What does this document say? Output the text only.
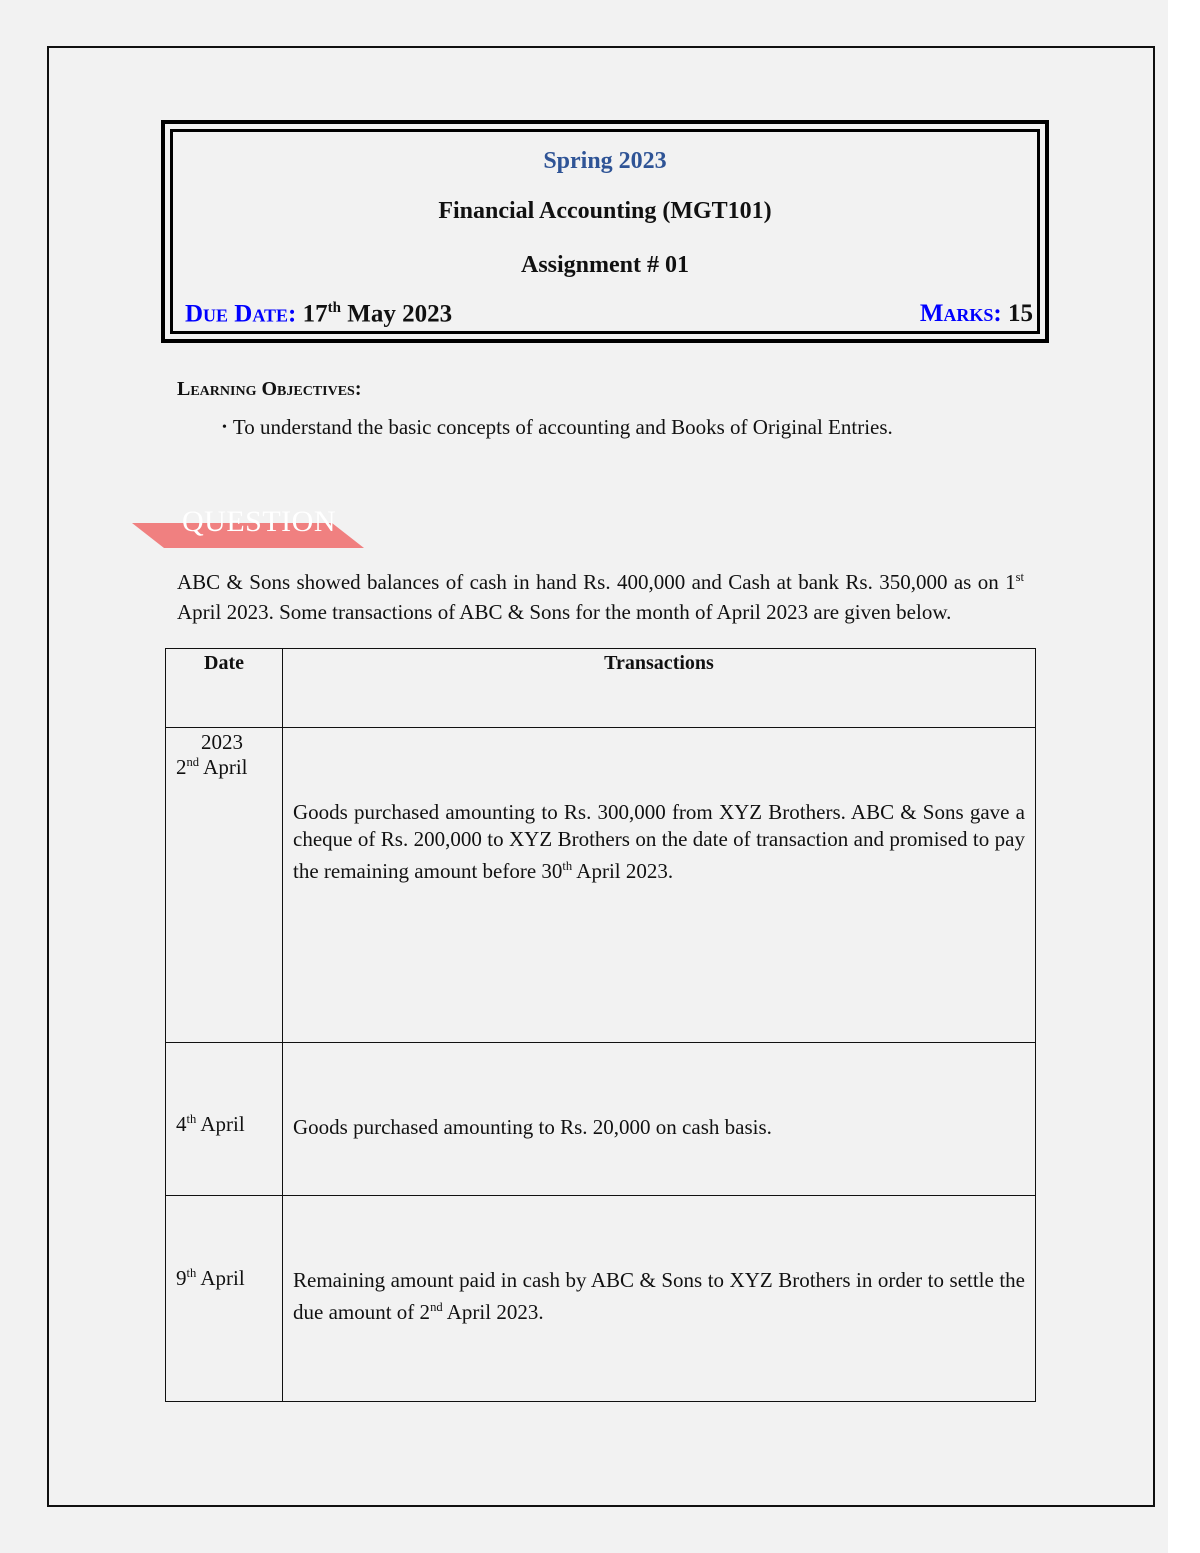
Spring 2023
Financial Accounting (MGT101)
Assignment # 01
Due Date: 17th May 2023	Marks: 15
Learning Objectives:
• To understand the basic concepts of accounting and Books of Original Entries.
QUESTION
ABC & Sons showed balances of cash in hand Rs. 400,000 and Cash at bank Rs. 350,000 as on 1st April 2023. Some transactions of ABC & Sons for the month of April 2023 are given below.
Date	Transactions

2023
2nd April	Goods purchased amounting to Rs. 300,000 from XYZ Brothers. ABC & Sons gave a cheque of Rs. 200,000 to XYZ Brothers on the date of transaction and promised to pay the remaining amount before 30th April 2023.

4th April	Goods purchased amounting to Rs. 20,000 on cash basis.

9th April	Remaining amount paid in cash by ABC & Sons to XYZ Brothers in order to settle the due amount of 2nd April 2023.
